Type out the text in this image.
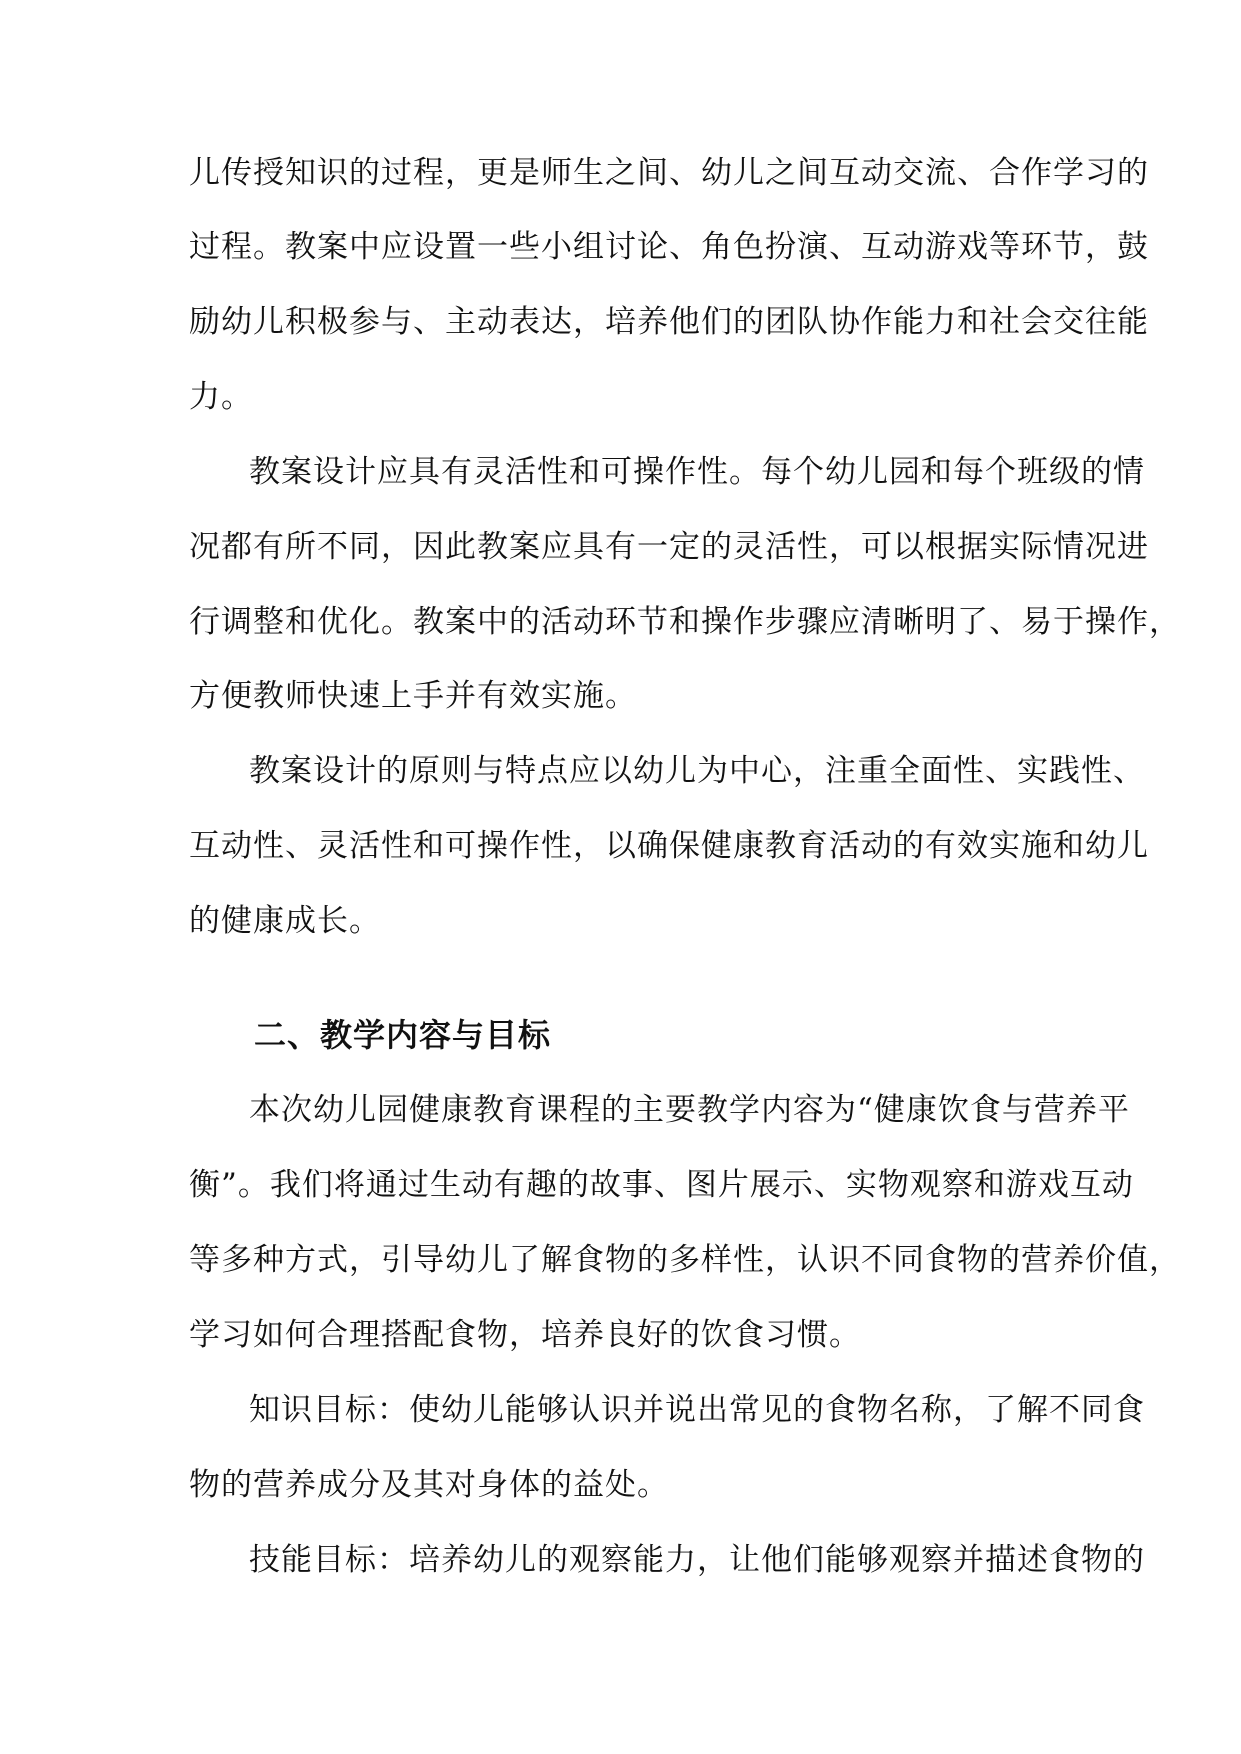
儿传授知识的过程，更是师生之间、幼儿之间互动交流、合作学习的
过程。教案中应设置一些小组讨论、角色扮演、互动游戏等环节，鼓
励幼儿积极参与、主动表达，培养他们的团队协作能力和社会交往能
力。
教案设计应具有灵活性和可操作性。每个幼儿园和每个班级的情
况都有所不同，因此教案应具有一定的灵活性，可以根据实际情况进
行调整和优化。教案中的活动环节和操作步骤应清晰明了、易于操作，
方便教师快速上手并有效实施。
教案设计的原则与特点应以幼儿为中心，注重全面性、实践性、
互动性、灵活性和可操作性，以确保健康教育活动的有效实施和幼儿
的健康成长。
二、教学内容与目标
本次幼儿园健康教育课程的主要教学内容为“健康饮食与营养平
衡”。我们将通过生动有趣的故事、图片展示、实物观察和游戏互动
等多种方式，引导幼儿了解食物的多样性，认识不同食物的营养价值，
学习如何合理搭配食物，培养良好的饮食习惯。
知识目标：使幼儿能够认识并说出常见的食物名称，了解不同食
物的营养成分及其对身体的益处。
技能目标：培养幼儿的观察能力，让他们能够观察并描述食物的
